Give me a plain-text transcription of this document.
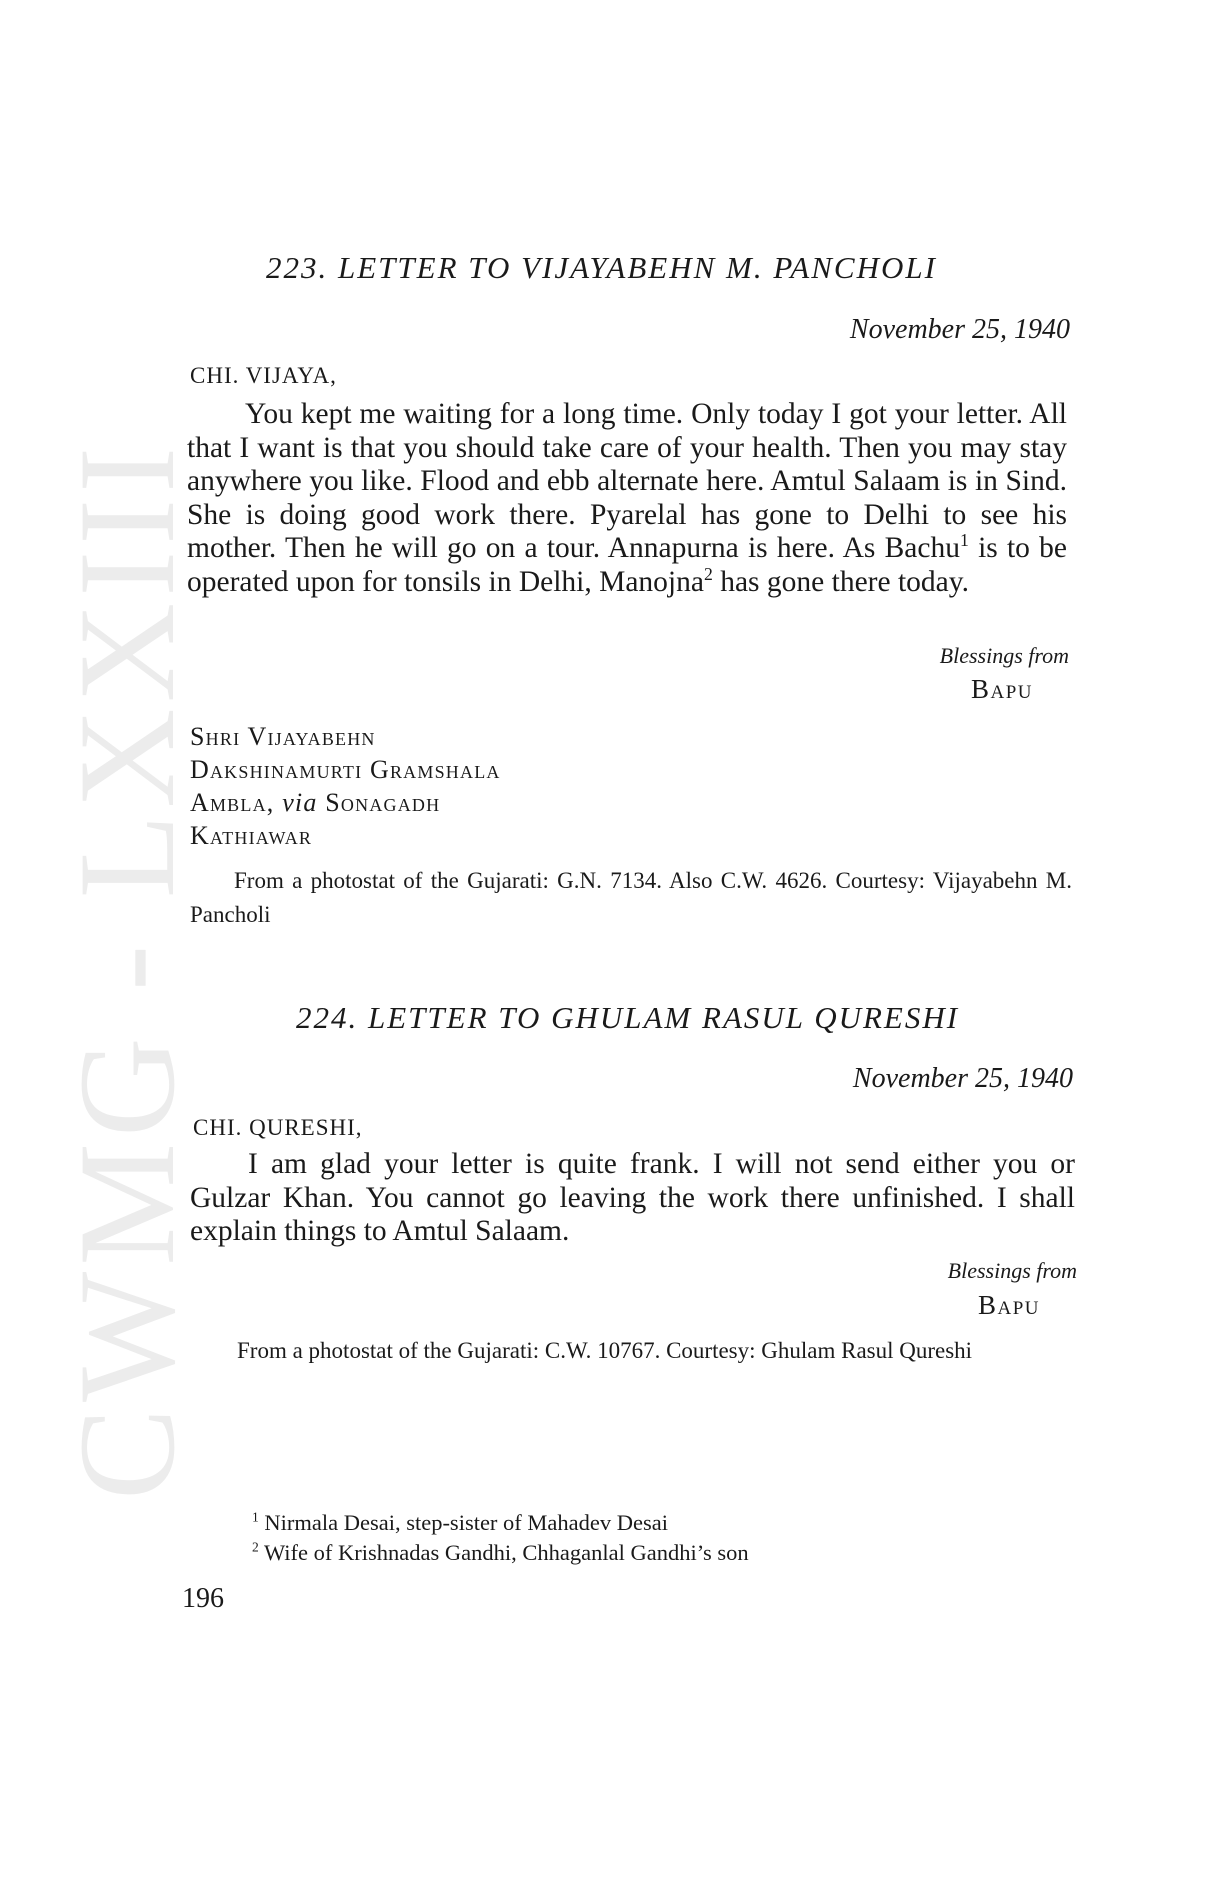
CWMG - LXXIII
223. LETTER TO VIJAYABEHN M. PANCHOLI
November 25, 1940
CHI. VIJAYA,

You kept me waiting for a long time. Only today I got your letter. All that I want is that you should take care of your health. Then you may stay anywhere you like. Flood and ebb alternate here. Amtul Salaam is in Sind. She is doing good work there. Pyarelal has gone to Delhi to see his mother. Then he will go on a tour. Annapurna is here. As Bachu$^1$ is to be operated upon for tonsils in Delhi, Manojna$^2$ has gone there today.

Blessings from
Bapu
Shri Vijayabehn
Dakshinamurti Gramshala
Ambla, via Sonagadh
Kathiawar

From a photostat of the Gujarati: G.N. 7134. Also C.W. 4626. Courtesy: Vijayabehn M. Pancholi

224. LETTER TO GHULAM RASUL QURESHI
November 25, 1940
CHI. QURESHI,

I am glad your letter is quite frank. I will not send either you or Gulzar Khan. You cannot go leaving the work there unfinished. I shall explain things to Amtul Salaam.

Blessings from
Bapu

From a photostat of the Gujarati: C.W. 10767. Courtesy: Ghulam Rasul Qureshi

$^1$ Nirmala Desai, step-sister of Mahadev Desai
$^2$ Wife of Krishnadas Gandhi, Chhaganlal Gandhi’s son
196
